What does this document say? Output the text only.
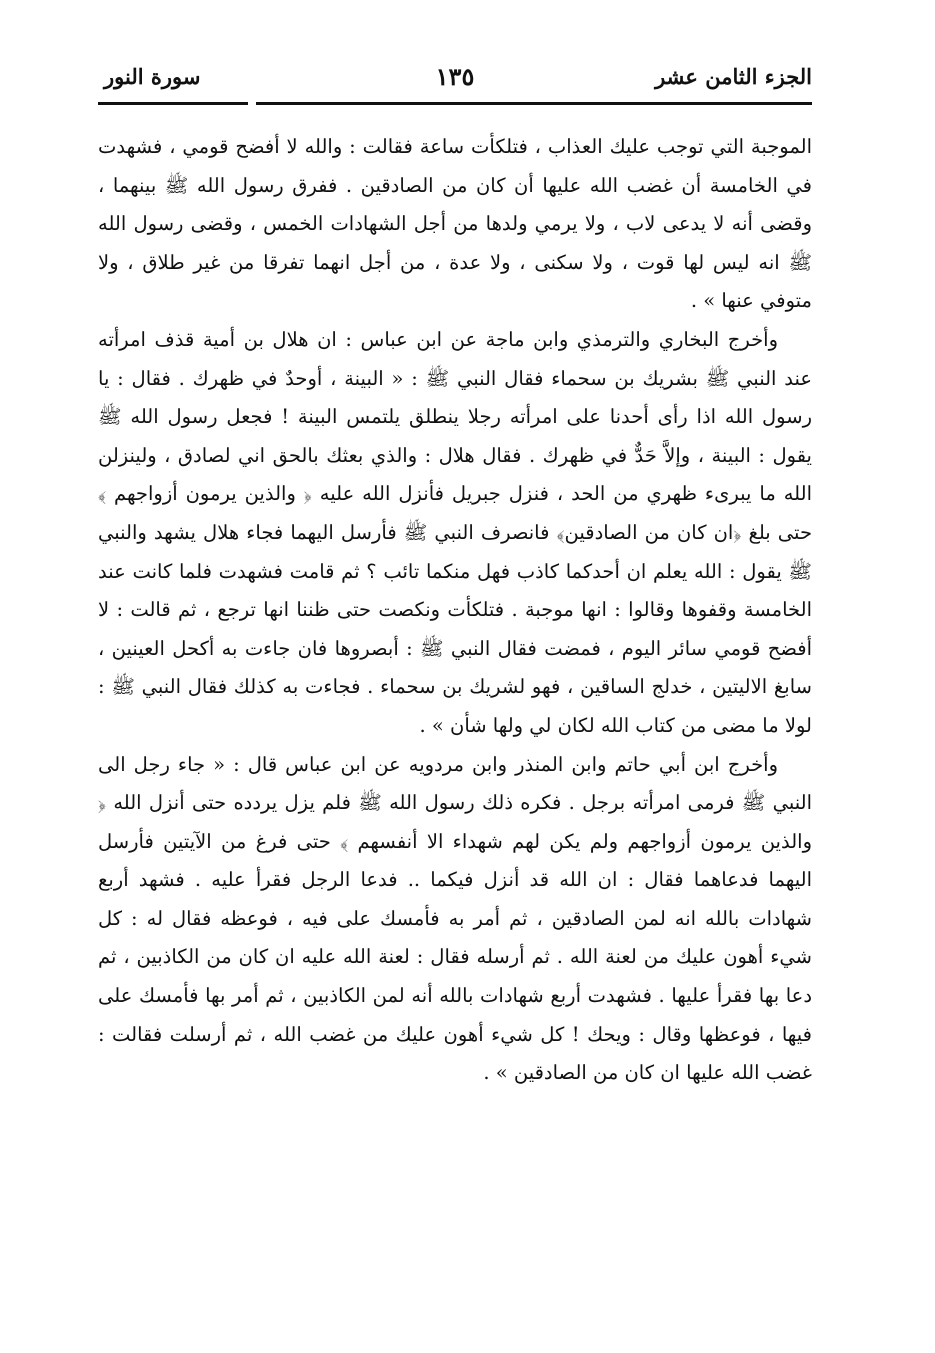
الجزء الثامن عشر
١٣٥
سورة النور

الموجبة التي توجب عليك العذاب ، فتلكأت ساعة فقالت : والله لا أفضح قومي ، فشهدت في الخامسة أن غضب الله عليها أن كان من الصادقين . ففرق رسول الله ﷺ بينهما ، وقضى أنه لا يدعى لاب ، ولا يرمي ولدها من أجل الشهادات الخمس ، وقضى رسول الله ﷺ انه ليس لها قوت ، ولا سكنى ، ولا عدة ، من أجل انهما تفرقا من غير طلاق ، ولا متوفي عنها » .

وأخرج البخاري والترمذي وابن ماجة عن ابن عباس : ان هلال بن أمية قذف امرأته عند النبي ﷺ بشريك بن سحماء فقال النبي ﷺ : « البينة ، أوحدٌ في ظهرك . فقال : يا رسول الله اذا رأى أحدنا على امرأته رجلا ينطلق يلتمس البينة ! فجعل رسول الله ﷺ يقول : البينة ، وإلاَّ حَدٌّ في ظهرك . فقال هلال : والذي بعثك بالحق اني لصادق ، ولينزلن الله ما يبرىء ظهري من الحد ، فنزل جبريل فأنزل الله عليه ﴿ والذين يرمون أزواجهم ﴾ حتى بلغ ﴿ان كان من الصادقين﴾ فانصرف النبي ﷺ فأرسل اليهما فجاء هلال يشهد والنبي ﷺ يقول : الله يعلم ان أحدكما كاذب فهل منكما تائب ؟ ثم قامت فشهدت فلما كانت عند الخامسة وقفوها وقالوا : انها موجبة . فتلكأت ونكصت حتى ظننا انها ترجع ، ثم قالت : لا أفضح قومي سائر اليوم ، فمضت فقال النبي ﷺ : أبصروها فان جاءت به أكحل العينين ، سابغ الاليتين ، خدلج الساقين ، فهو لشريك بن سحماء . فجاءت به كذلك فقال النبي ﷺ : لولا ما مضى من كتاب الله لكان لي ولها شأن » .

وأخرج ابن أبي حاتم وابن المنذر وابن مردويه عن ابن عباس قال : « جاء رجل الى النبي ﷺ فرمى امرأته برجل . فكره ذلك رسول الله ﷺ فلم يزل يردده حتى أنزل الله ﴿ والذين يرمون أزواجهم ولم يكن لهم شهداء الا أنفسهم ﴾ حتى فرغ من الآيتين فأرسل اليهما فدعاهما فقال : ان الله قد أنزل فيكما .. فدعا الرجل فقرأ عليه . فشهد أربع شهادات بالله انه لمن الصادقين ، ثم أمر به فأمسك على فيه ، فوعظه فقال له : كل شيء أهون عليك من لعنة الله . ثم أرسله فقال : لعنة الله عليه ان كان من الكاذبين ، ثم دعا بها فقرأ عليها . فشهدت أربع شهادات بالله أنه لمن الكاذبين ، ثم أمر بها فأمسك على فيها ، فوعظها وقال : ويحك ! كل شيء أهون عليك من غضب الله ، ثم أرسلت فقالت : غضب الله عليها ان كان من الصادقين » .
